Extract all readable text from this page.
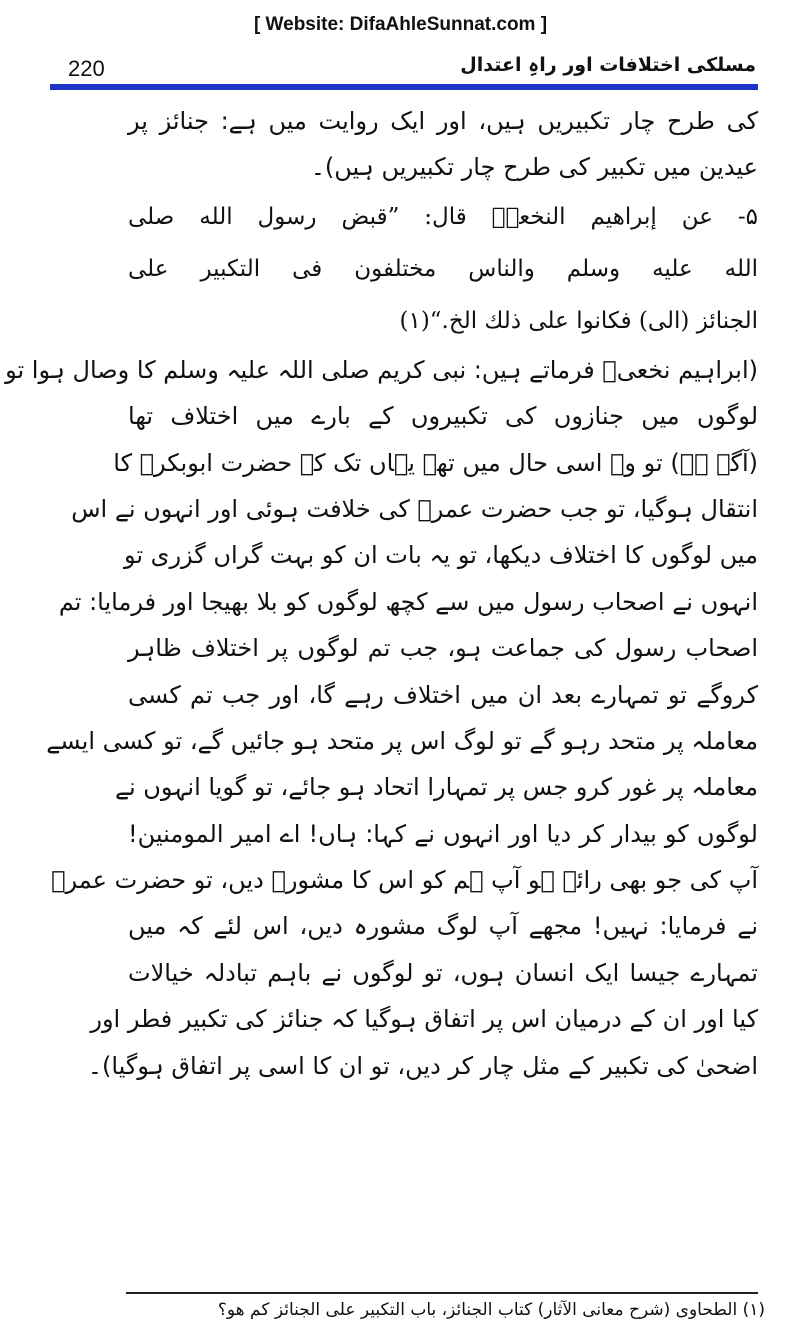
[ Website: DifaAhleSunnat.com ]
220	مسلکی اختلافات اور راہِ اعتدال
کی طرح چار تکبیریں ہیں، اور ایک روایت میں ہے: جنائز پر
عیدین میں تکبیر کی طرح چار تکبیریں ہیں)۔
۵- عن إبراهيم النخعيؒ قال: ”قبض رسول الله صلى
الله عليه وسلم والناس مختلفون فى التكبير على
الجنائز (الى) فكانوا على ذلك الخ.“(۱)
(ابراہیم نخعیؒ فرماتے ہیں: نبی کریم صلی اللہ علیہ وسلم کا وصال ہوا تو
لوگوں میں جنازوں کی تکبیروں کے بارے میں اختلاف تھا
(آگے ہے) تو وہ اسی حال میں تھے یہاں تک کہ حضرت ابوبکرؓ کا
انتقال ہوگیا، تو جب حضرت عمرؓ کی خلافت ہوئی اور انہوں نے اس
میں لوگوں کا اختلاف دیکھا، تو یہ بات ان کو بہت گراں گزری تو
انہوں نے اصحاب رسول میں سے کچھ لوگوں کو بلا بھیجا اور فرمایا: تم
اصحاب رسول کی جماعت ہو، جب تم لوگوں پر اختلاف ظاہر
کروگے تو تمہارے بعد ان میں اختلاف رہے گا، اور جب تم کسی
معاملہ پر متحد رہو گے تو لوگ اس پر متحد ہو جائیں گے، تو کسی ایسے
معاملہ پر غور کرو جس پر تمہارا اتحاد ہو جائے، تو گویا انہوں نے
لوگوں کو بیدار کر دیا اور انہوں نے کہا: ہاں! اے امیر المومنین!
آپ کی جو بھی رائے ہو آپ ہم کو اس کا مشورہ دیں، تو حضرت عمرؓ
نے فرمایا: نہیں! مجھے آپ لوگ مشورہ دیں، اس لئے کہ میں
تمہارے جیسا ایک انسان ہوں، تو لوگوں نے باہم تبادلہ خیالات
کیا اور ان کے درمیان اس پر اتفاق ہوگیا کہ جنائز کی تکبیر فطر اور
اضحیٰ کی تکبیر کے مثل چار کر دیں، تو ان کا اسی پر اتفاق ہوگیا)۔
(۱) الطحاوى (شرح معانى الآثار) كتاب الجنائز، باب التكبير على الجنائز كم هو؟
